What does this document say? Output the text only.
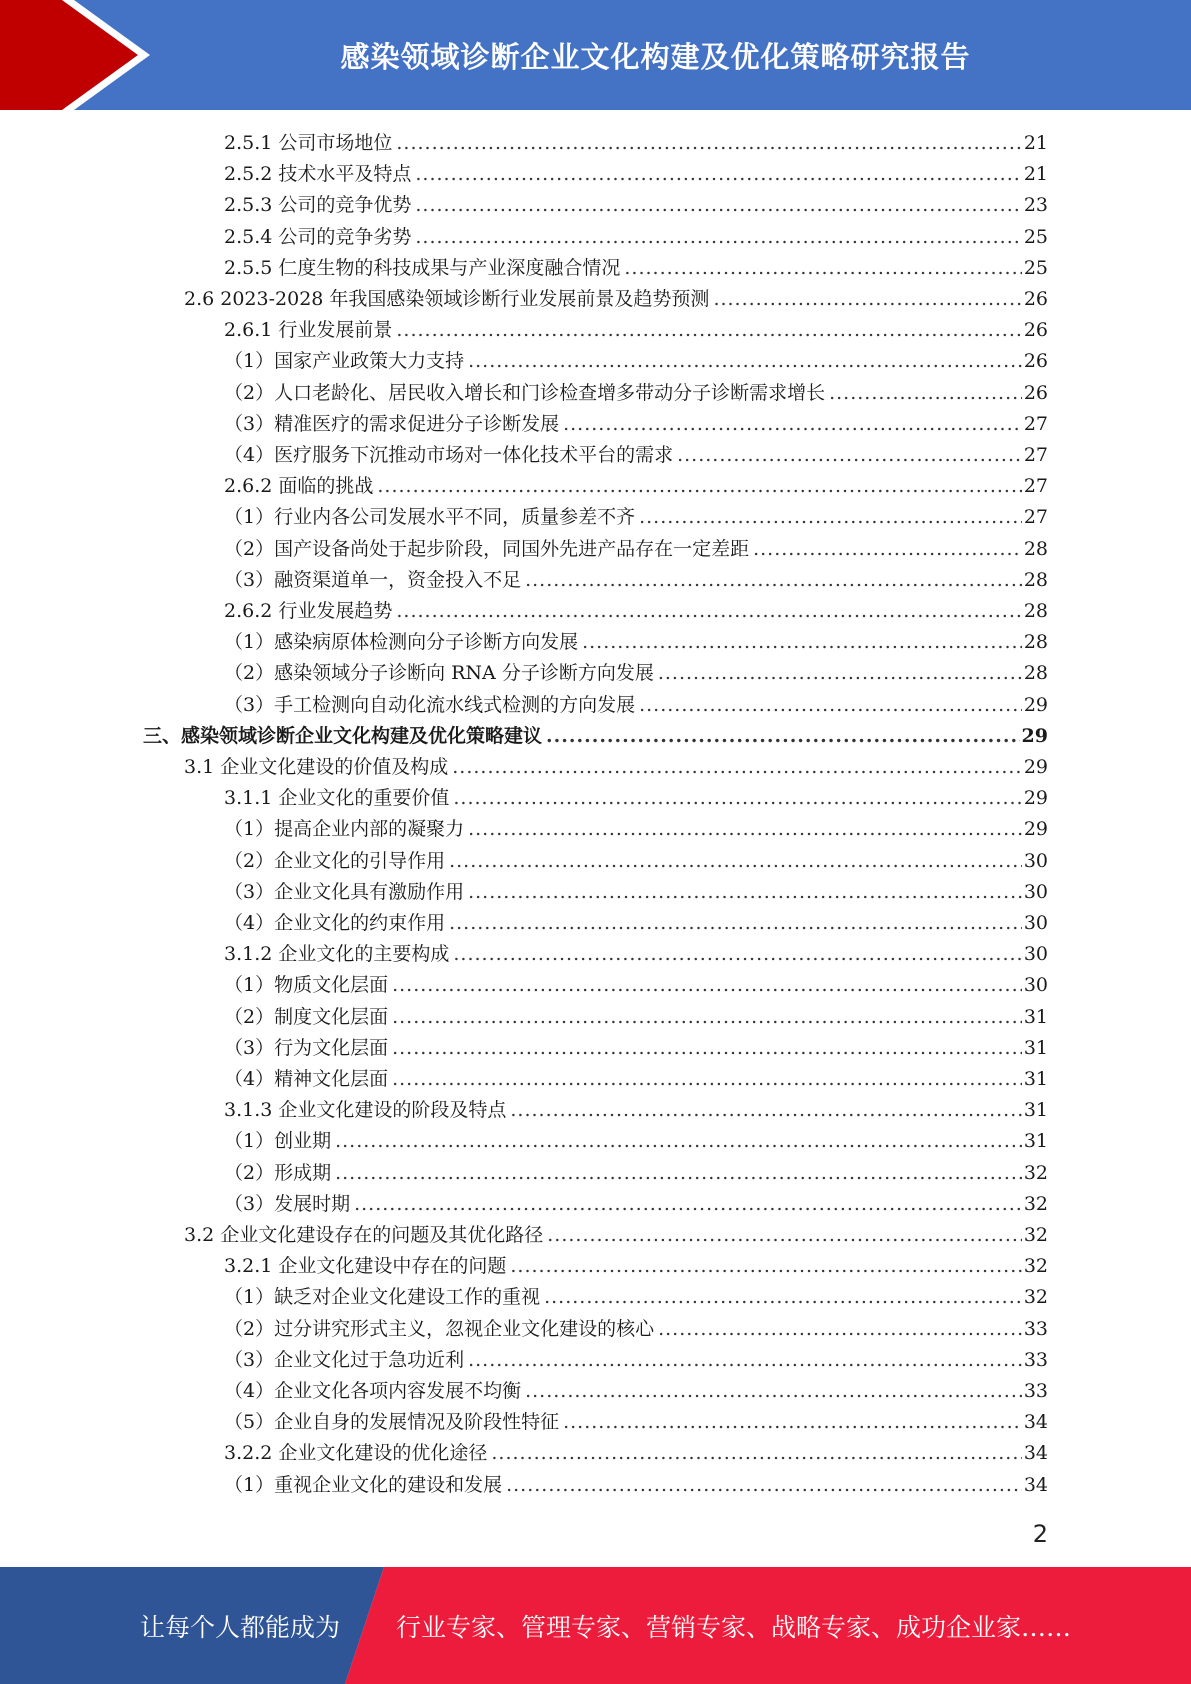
感染领域诊断企业文化构建及优化策略研究报告
2.5.1 公司市场地位 .....	21
2.5.2 技术水平及特点 .....	21
2.5.3 公司的竞争优势 .....	23
2.5.4 公司的竞争劣势 .....	25
2.5.5 仁度生物的科技成果与产业深度融合情况 .....	25
2.6 2023-2028 年我国感染领域诊断行业发展前景及趋势预测 .....	26
2.6.1 行业发展前景 .....	26
（1）国家产业政策大力支持 .....	26
（2）人口老龄化、居民收入增长和门诊检查增多带动分子诊断需求增长 .....	26
（3）精准医疗的需求促进分子诊断发展 .....	27
（4）医疗服务下沉推动市场对一体化技术平台的需求 .....	27
2.6.2 面临的挑战 .....	27
（1）行业内各公司发展水平不同，质量参差不齐 .....	27
（2）国产设备尚处于起步阶段，同国外先进产品存在一定差距 .....	28
（3）融资渠道单一，资金投入不足 .....	28
2.6.2 行业发展趋势 .....	28
（1）感染病原体检测向分子诊断方向发展 .....	28
（2）感染领域分子诊断向 RNA 分子诊断方向发展 .....	28
（3）手工检测向自动化流水线式检测的方向发展 .....	29
三、感染领域诊断企业文化构建及优化策略建议 .....	29
3.1 企业文化建设的价值及构成 .....	29
3.1.1 企业文化的重要价值 .....	29
（1）提高企业内部的凝聚力 .....	29
（2）企业文化的引导作用 .....	30
（3）企业文化具有激励作用 .....	30
（4）企业文化的约束作用 .....	30
3.1.2 企业文化的主要构成 .....	30
（1）物质文化层面 .....	30
（2）制度文化层面 .....	31
（3）行为文化层面 .....	31
（4）精神文化层面 .....	31
3.1.3 企业文化建设的阶段及特点 .....	31
（1）创业期 .....	31
（2）形成期 .....	32
（3）发展时期 .....	32
3.2 企业文化建设存在的问题及其优化路径 .....	32
3.2.1 企业文化建设中存在的问题 .....	32
（1）缺乏对企业文化建设工作的重视 .....	32
（2）过分讲究形式主义，忽视企业文化建设的核心 .....	33
（3）企业文化过于急功近利 .....	33
（4）企业文化各项内容发展不均衡 .....	33
（5）企业自身的发展情况及阶段性特征 .....	34
3.2.2 企业文化建设的优化途径 .....	34
（1）重视企业文化的建设和发展 .....	34
2
让每个人都能成为 行业专家、管理专家、营销专家、战略专家、成功企业家……
